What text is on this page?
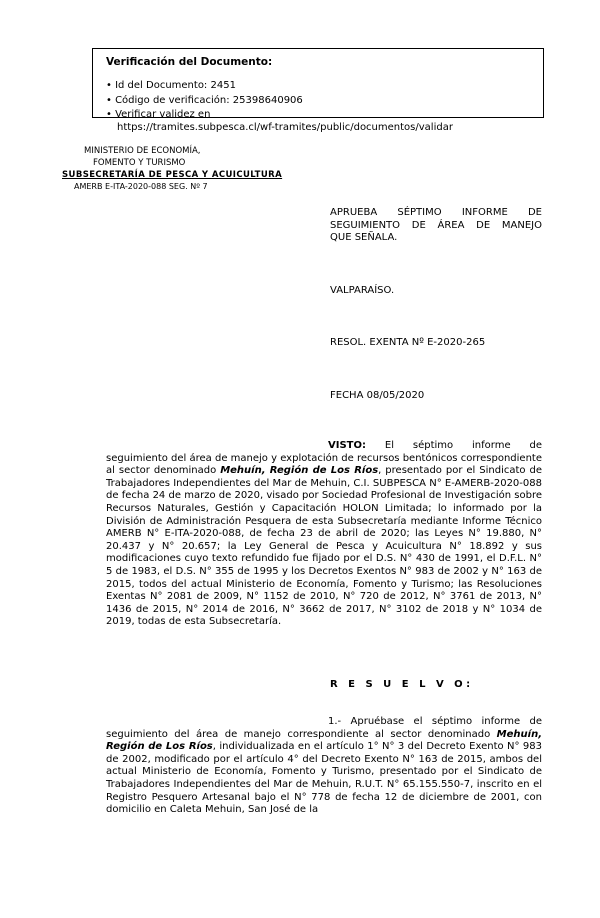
Verificación del Documento:
• Id del Documento: 2451
• Código de verificación: 25398640906
• Verificar validez en
https://tramites.subpesca.cl/wf-tramites/public/documentos/validar
MINISTERIO DE ECONOMÍA,
FOMENTO Y TURISMO
SUBSECRETARÍA DE PESCA Y ACUICULTURA
AMERB E-ITA-2020-088 SEG. Nº 7
APRUEBA SÉPTIMO INFORME DE
SEGUIMIENTO DE ÁREA DE MANEJO
QUE SEÑALA.
VALPARAÍSO.
RESOL. EXENTA Nº E-2020-265
FECHA 08/05/2020
VISTO: El séptimo informe de seguimiento del área de manejo y explotación de recursos bentónicos correspondiente al sector denominado Mehuín, Región de Los Ríos, presentado por el Sindicato de Trabajadores Independientes del Mar de Mehuin, C.I. SUBPESCA N° E-AMERB-2020-088 de fecha 24 de marzo de 2020, visado por Sociedad Profesional de Investigación sobre Recursos Naturales, Gestión y Capacitación HOLON Limitada; lo informado por la División de Administración Pesquera de esta Subsecretaría mediante Informe Técnico AMERB N° E-ITA-2020-088, de fecha 23 de abril de 2020; las Leyes N° 19.880, N° 20.437 y N° 20.657; la Ley General de Pesca y Acuicultura N° 18.892 y sus modificaciones cuyo texto refundido fue fijado por el D.S. N° 430 de 1991, el D.F.L. N° 5 de 1983, el D.S. N° 355 de 1995 y los Decretos Exentos N° 983 de 2002 y N° 163 de 2015, todos del actual Ministerio de Economía, Fomento y Turismo; las Resoluciones Exentas N° 2081 de 2009, N° 1152 de 2010, N° 720 de 2012, N° 3761 de 2013, N° 1436 de 2015, N° 2014 de 2016, N° 3662 de 2017, N° 3102 de 2018 y N° 1034 de 2019, todas de esta Subsecretaría.
R E S U E L V O:
1.- Apruébase el séptimo informe de seguimiento del área de manejo correspondiente al sector denominado Mehuín, Región de Los Ríos, individualizada en el artículo 1° N° 3 del Decreto Exento N° 983 de 2002, modificado por el artículo 4° del Decreto Exento N° 163 de 2015, ambos del actual Ministerio de Economía, Fomento y Turismo, presentado por el Sindicato de Trabajadores Independientes del Mar de Mehuin, R.U.T. N° 65.155.550-7, inscrito en el Registro Pesquero Artesanal bajo el N° 778 de fecha 12 de diciembre de 2001, con domicilio en Caleta Mehuin, San José de la
